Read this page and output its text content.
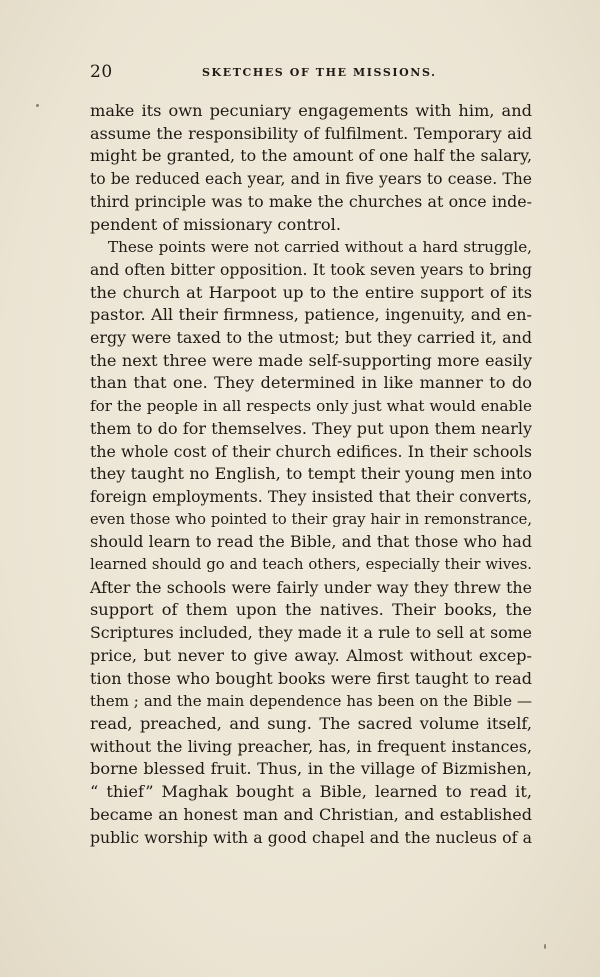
20	SKETCHES OF THE MISSIONS.
make its own pecuniary engagements with him, and
assume the responsibility of fulfilment. Temporary aid
might be granted, to the amount of one half the salary,
to be reduced each year, and in five years to cease. The
third principle was to make the churches at once inde-
pendent of missionary control.
These points were not carried without a hard struggle,
and often bitter opposition. It took seven years to bring
the church at Harpoot up to the entire support of its
pastor. All their firmness, patience, ingenuity, and en-
ergy were taxed to the utmost; but they carried it, and
the next three were made self-supporting more easily
than that one. They determined in like manner to do
for the people in all respects only just what would enable
them to do for themselves. They put upon them nearly
the whole cost of their church edifices. In their schools
they taught no English, to tempt their young men into
foreign employments. They insisted that their converts,
even those who pointed to their gray hair in remonstrance,
should learn to read the Bible, and that those who had
learned should go and teach others, especially their wives.
After the schools were fairly under way they threw the
support of them upon the natives. Their books, the
Scriptures included, they made it a rule to sell at some
price, but never to give away. Almost without excep-
tion those who bought books were first taught to read
them ; and the main dependence has been on the Bible —
read, preached, and sung. The sacred volume itself,
without the living preacher, has, in frequent instances,
borne blessed fruit. Thus, in the village of Bizmishen,
“ thief” Maghak bought a Bible, learned to read it,
became an honest man and Christian, and established
public worship with a good chapel and the nucleus of a
